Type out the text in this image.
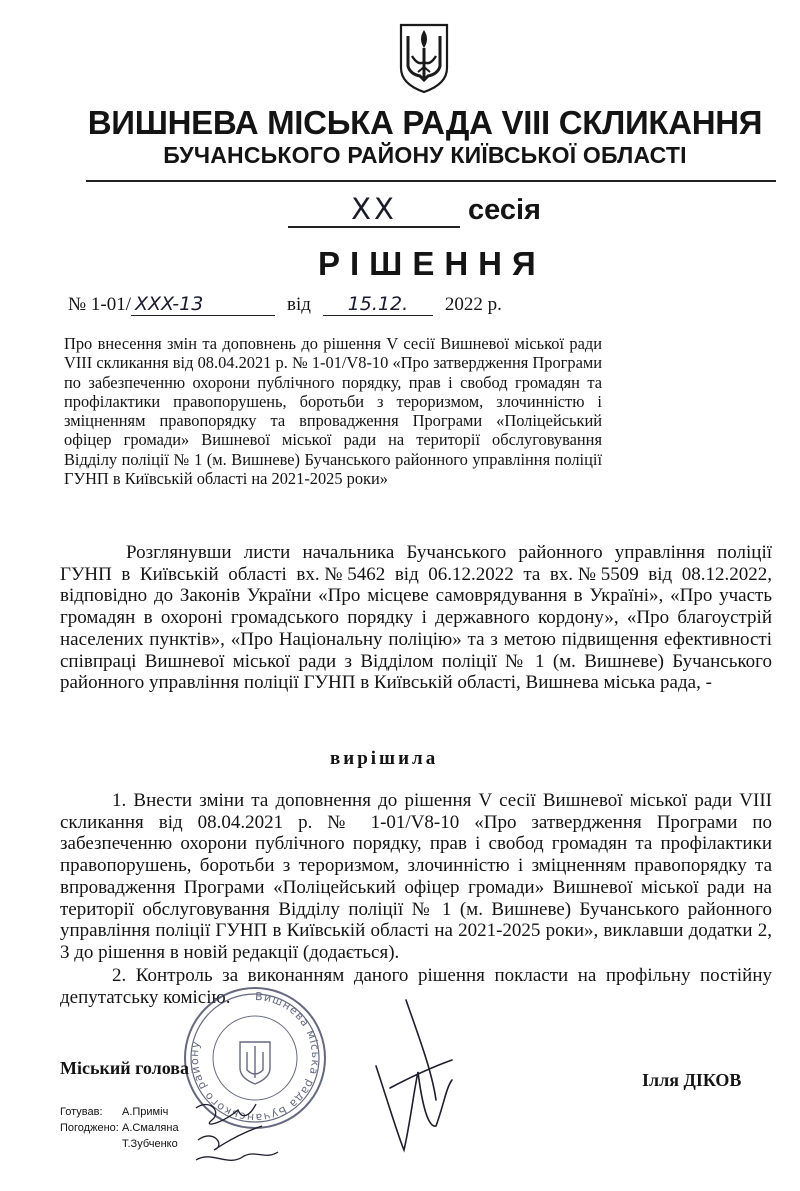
ВИШНЕВА МІСЬКА РАДА VIII СКЛИКАННЯ
БУЧАНСЬКОГО РАЙОНУ КИЇВСЬКОЇ ОБЛАСТІ
XX сесія
РІШЕННЯ
№ 1-01/ XXX-13	від 15.12. 2022 р.
Про внесення змін та доповнень до рішення V сесії Вишневої міської ради VIII скликання від 08.04.2021 р. № 1-01/V8-10 «Про затвердження Програми по забезпеченню охорони публічного порядку, прав і свобод громадян та профілактики правопорушень, боротьби з тероризмом, злочинністю і зміцненням правопорядку та впровадження Програми «Поліцейський офіцер громади» Вишневої міської ради на території обслуговування Відділу поліції № 1 (м. Вишневе) Бучанського районного управління поліції ГУНП в Київській області на 2021-2025 роки»
Розглянувши листи начальника Бучанського районного управління поліції ГУНП в Київській області вх.№5462 від 06.12.2022 та вх.№5509 від 08.12.2022, відповідно до Законів України «Про місцеве самоврядування в Україні», «Про участь громадян в охороні громадського порядку і державного кордону», «Про благоустрій населених пунктів», «Про Національну поліцію» та з метою підвищення ефективності співпраці Вишневої міської ради з Відділом поліції № 1 (м. Вишневе) Бучанського районного управління поліції ГУНП в Київській області, Вишнева міська рада, -
вирішила
1. Внести зміни та доповнення до рішення V сесії Вишневої міської ради VIII скликання від 08.04.2021 р. № 1-01/V8-10 «Про затвердження Програми по забезпеченню охорони публічного порядку, прав і свобод громадян та профілактики правопорушень, боротьби з тероризмом, злочинністю і зміцненням правопорядку та впровадження Програми «Поліцейський офіцер громади» Вишневої міської ради на території обслуговування Відділу поліції № 1 (м. Вишневе) Бучанського районного управління поліції ГУНП в Київській області на 2021-2025 роки», виклавши додатки 2, 3 до рішення в новій редакції (додається).
2. Контроль за виконанням даного рішення покласти на профільну постійну депутатську комісію.	Вишнева міська рада Бучанського району
Міський голова
Ілля ДІКОВ
Готував:	А.Приміч
Погоджено: А.Смаляна
Т.Зубченко
